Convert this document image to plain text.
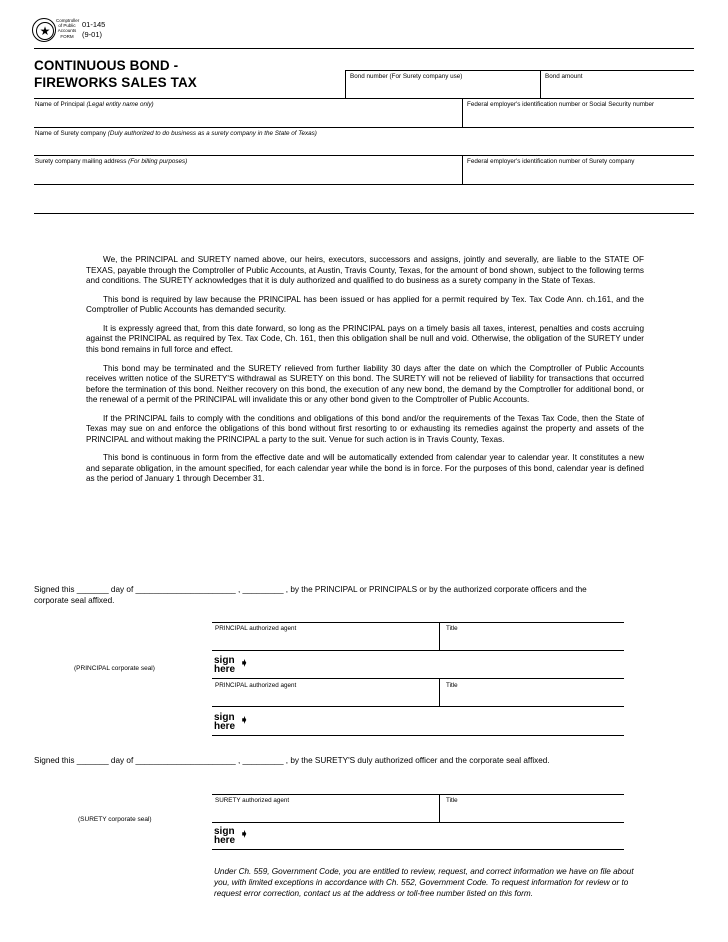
★
Comptroller
of Public
Accounts
FORM
01-145
(9-01)
CONTINUOUS BOND -
FIREWORKS SALES TAX	Bond number (For Surety company use)	Bond amount
Name of Principal (Legal entity name only)	Federal employer's identification number or Social Security number
Name of Surety company (Duly authorized to do business as a surety company in the State of Texas)
Surety company mailing address (For billing purposes)	Federal employer's identification number of Surety company

We, the PRINCIPAL and SURETY named above, our heirs, executors, successors and assigns, jointly and severally, are liable to the STATE OF TEXAS, payable through the Comptroller of Public Accounts, at Austin, Travis County, Texas, for the amount of bond shown, subject to the following terms and conditions. The SURETY acknowledges that it is duly authorized and qualified to do business as a surety company in the State of Texas.

This bond is required by law because the PRINCIPAL has been issued or has applied for a permit required by Tex. Tax Code Ann. ch.161, and the Comptroller of Public Accounts has demanded security.

It is expressly agreed that, from this date forward, so long as the PRINCIPAL pays on a timely basis all taxes, interest, penalties and costs accruing against the PRINCIPAL as required by Tex. Tax Code, Ch. 161, then this obligation shall be null and void. Otherwise, the obligation of the SURETY under this bond remains in full force and effect.

This bond may be terminated and the SURETY relieved from further liability 30 days after the date on which the Comptroller of Public Accounts receives written notice of the SURETY'S withdrawal as SURETY on this bond. The SURETY will not be relieved of liability for transactions that occurred before the termination of this bond. Neither recovery on this bond, the execution of any new bond, the demand by the Comptroller for additional bond, or the renewal of a permit of the PRINCIPAL will invalidate this or any other bond given to the Comptroller of Public Accounts.

If the PRINCIPAL fails to comply with the conditions and obligations of this bond and/or the requirements of the Texas Tax Code, then the State of Texas may sue on and enforce the obligations of this bond without first resorting to or exhausting its remedies against the property and assets of the PRINCIPAL and without making the PRINCIPAL a party to the suit. Venue for such action is in Travis County, Texas.

This bond is continuous in form from the effective date and will be automatically extended from calendar year to calendar year. It constitutes a new and separate obligation, in the amount specified, for each calendar year while the bond is in force. For the purposes of this bond, calendar year is defined as the period of January 1 through December 31.

Signed this _______ day of ______________________ , _________ , by the PRINCIPAL or PRINCIPALS or by the authorized corporate officers and the
corporate seal affixed.
PRINCIPAL authorized agent	Title
(PRINCIPAL corporate seal)
sign
here
➧
PRINCIPAL authorized agent	Title
sign
here
➧
Signed this _______ day of ______________________ , _________ , by the SURETY'S duly authorized officer and the corporate seal affixed.
SURETY authorized agent	Title
(SURETY corporate seal)
sign
here
➧
Under Ch. 559, Government Code, you are entitled to review, request, and correct information we have on file about you, with limited exceptions in accordance with Ch. 552, Government Code. To request information for review or to request error correction, contact us at the address or toll-free number listed on this form.
